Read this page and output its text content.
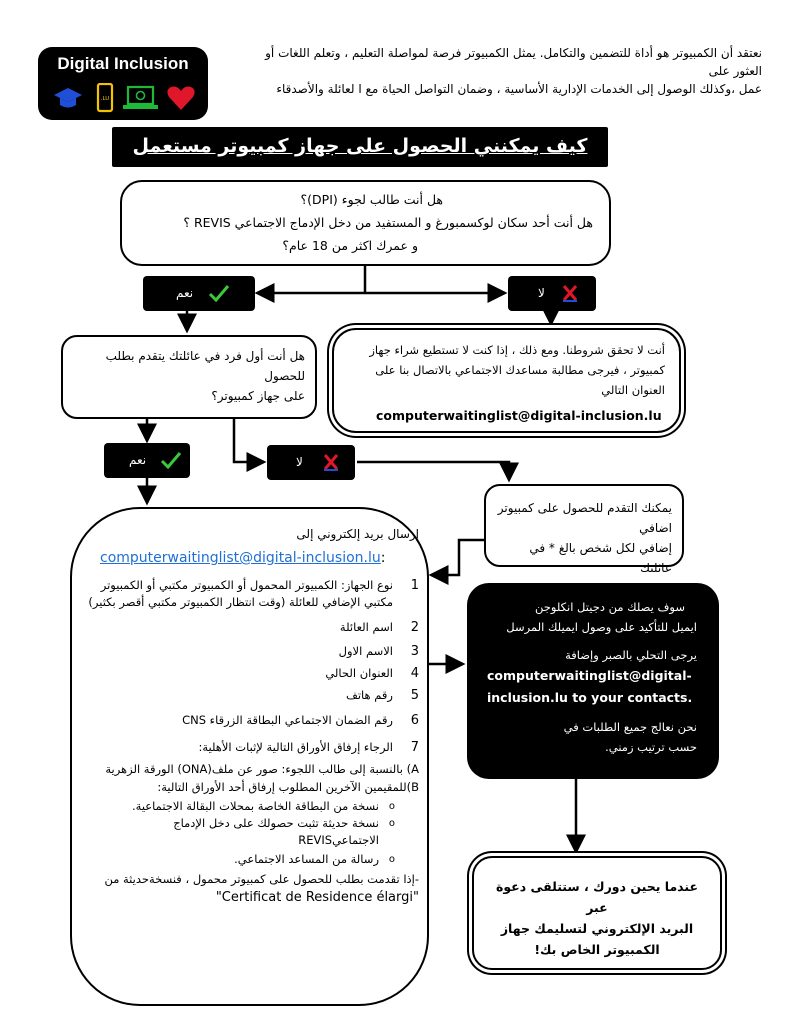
نعتقد أن الكمبيوتر هو أداة للتضمين والتكامل. يمثل الكمبيوتر فرصة لمواصلة التعليم ، وتعلم اللغات أو العثور على
عمل ،وكذلك الوصول إلى الخدمات الإدارية الأساسية ، وضمان التواصل الحياة مع ا لعائلة والأصدقاء
Digital Inclusion
.LU
كيف يمكنني الحصول على جهاز كمبيوتر مستعمل
هل أنت طالب لجوء (DPI)؟
هل أنت أحد سكان لوكسمبورغ و المستفيد من دخل الإدماج الاجتماعي REVIS ؟
و عمرك اكثر من 18 عام؟
نعم	لا
أنت لا تحقق شروطنا. ومع ذلك ، إذا كنت لا تستطيع شراء جهاز
كمبيوتر ، فيرجى مطالبة مساعدك الاجتماعي بالاتصال بنا على
العنوان التالي
computerwaitinglist@digital-inclusion.lu
هل أنت أول فرد في عائلتك يتقدم بطلب للحصول
على جهاز كمبيوتر؟
نعم	لا
يمكنك التقدم للحصول على كمبيوتر اضافي
إضافي لكل شخص بالغ * في عائلتك
إرسال بريد إلكتروني إلى
computerwaitinglist@digital-inclusion.lu:
1
نوع الجهاز: الكمبيوتر المحمول أو الكمبيوتر مكتبي أو الكمبيوتر مكتبي الإضافي للعائلة (وقت انتظار الكمبيوتر مكتبي أقصر بكثير)
2
اسم العائلة
3
الاسم الاول
4
العنوان الحالي
5
رقم هاتف
6
رقم الضمان الاجتماعي البطاقة الزرقاء CNS
7
الرجاء إرفاق الأوراق التالية لإثبات الأهلية:
A) بالنسبة إلى طالب اللجوء: صور عن ملف(ONA) الورقة الزهرية
B)للمقيمين الآخرين المطلوب إرفاق أحد الأوراق التالية:
o نسخة من البطاقة الخاصة بمحلات البقالة الاجتماعية.
o نسخة حديثة تثبت حصولك على دخل الإدماج الاجتماعيREVIS
o رسالة من المساعد الاجتماعي.
-إذا تقدمت بطلب للحصول على كمبيوتر محمول ، فنسخةحديثة من
"Certificat de Residence élargi"
سوف يصلك من دجيتل انكلوجن
ايميل للتأكيد على وصول ايميلك المرسل
يرجى التحلي بالصبر وإضافة
computerwaitinglist@digital-
inclusion.lu to your contacts.
نحن نعالج جميع الطلبات في
حسب ترتيب زمني.
عندما يحين دورك ، ستتلقى دعوة عبر
البريد الإلكتروني لتسليمك جهاز
الكمبيوتر الخاص بك!
